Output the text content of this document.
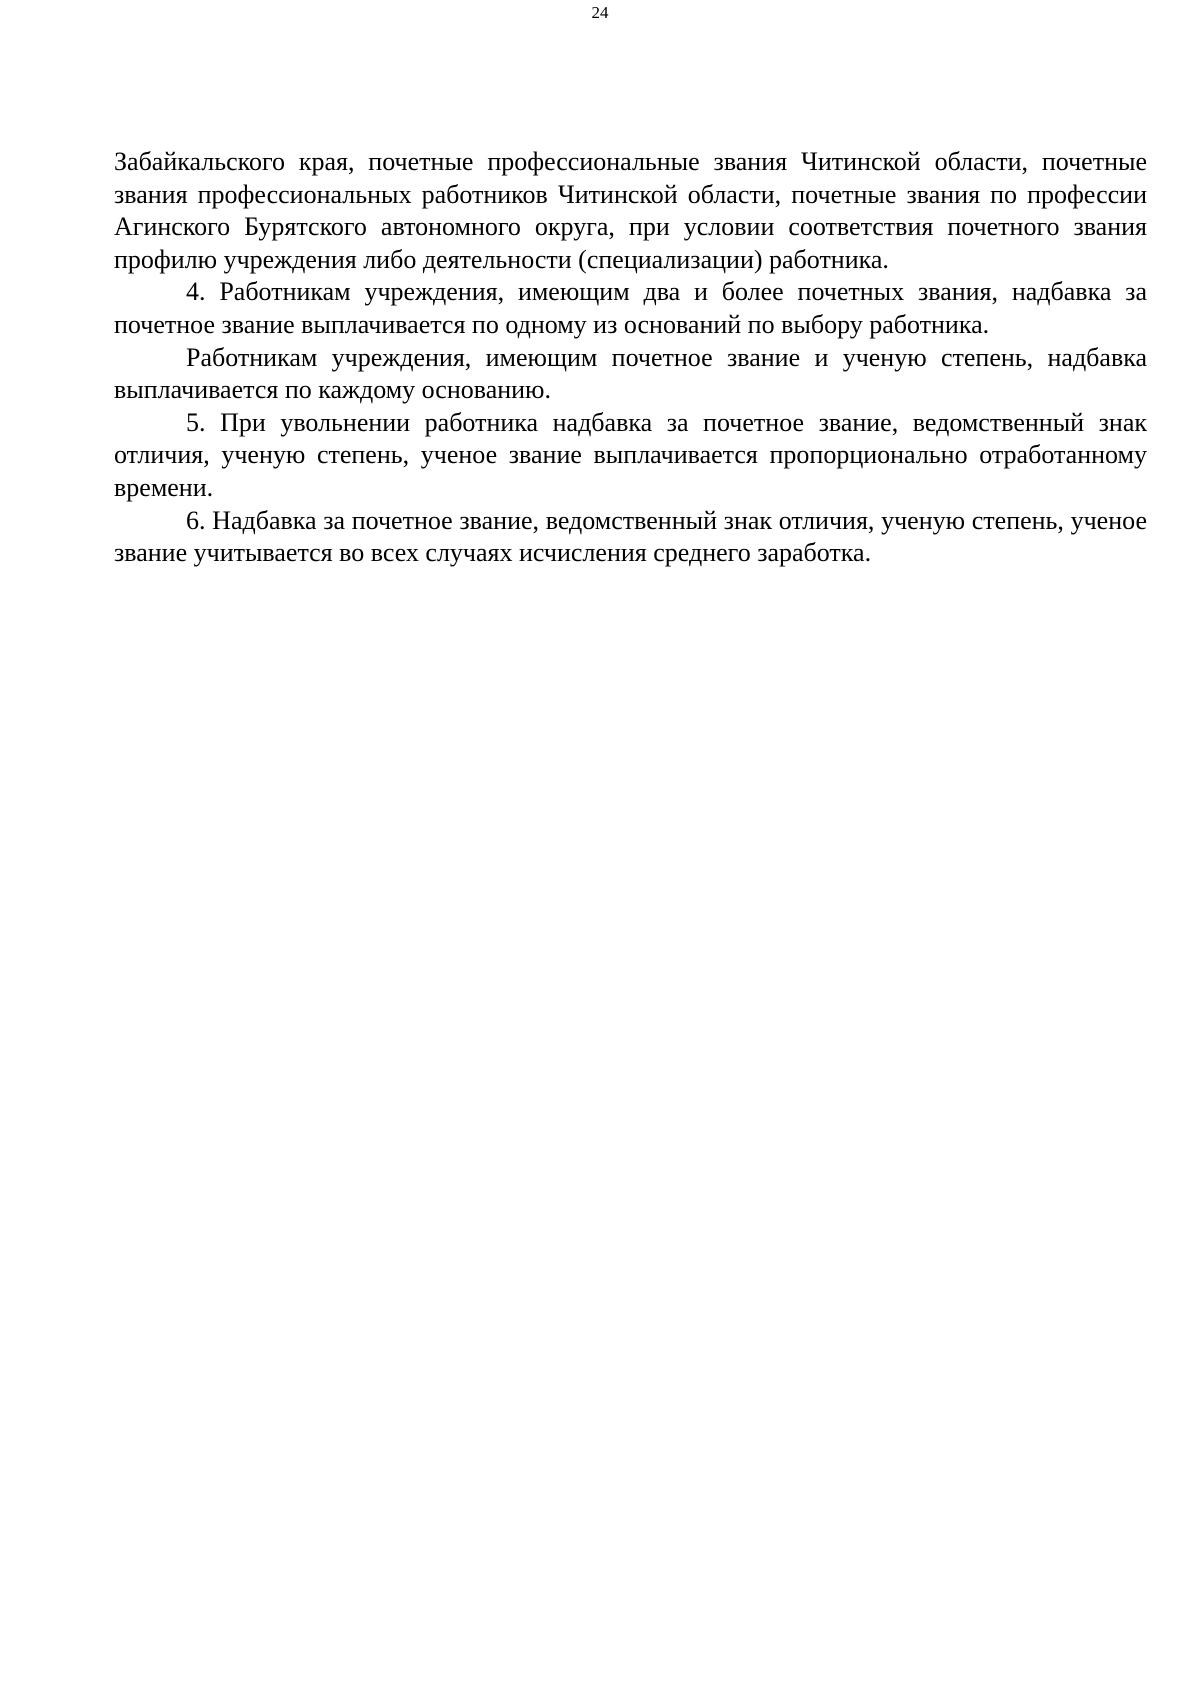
24

Забайкальского края, почетные профессиональные звания Читинской области, почетные звания профессиональных работников Читинской области, почетные звания по профессии Агинского Бурятского автономного округа, при условии соответствия почетного звания профилю учреждения либо деятельности (специализации) работника.

4. Работникам учреждения, имеющим два и более почетных звания, надбавка за почетное звание выплачивается по одному из оснований по выбору работника.

Работникам учреждения, имеющим почетное звание и ученую степень, надбавка выплачивается по каждому основанию.

5. При увольнении работника надбавка за почетное звание, ведомственный знак отличия, ученую степень, ученое звание выплачивается пропорционально отработанному времени.

6. Надбавка за почетное звание, ведомственный знак отличия, ученую степень, ученое звание учитывается во всех случаях исчисления среднего заработка.
